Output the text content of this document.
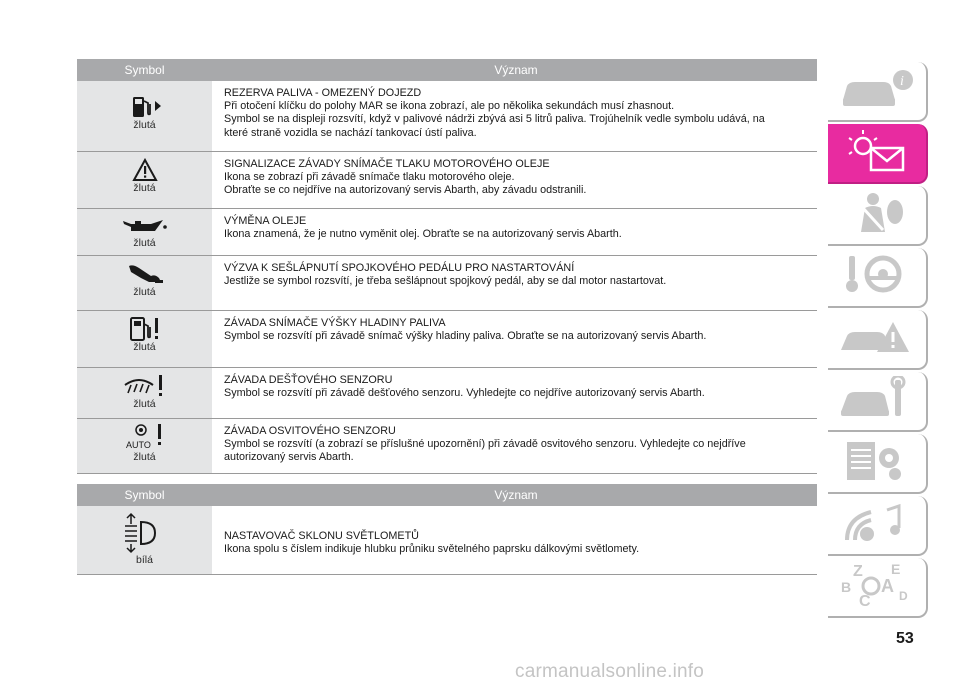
Symbol	Význam
žlutá
REZERVA PALIVA - OMEZENÝ DOJEZD
Při otočení klíčku do polohy MAR se ikona zobrazí, ale po několika sekundách musí zhasnout.
Symbol se na displeji rozsvítí, když v palivové nádrži zbývá asi 5 litrů paliva. Trojúhelník vedle symbolu udává, na
které straně vozidla se nachází tankovací ústí paliva.
žlutá
SIGNALIZACE ZÁVADY SNÍMAČE TLAKU MOTOROVÉHO OLEJE
Ikona se zobrazí při závadě snímače tlaku motorového oleje.
Obraťte se co nejdříve na autorizovaný servis Abarth, aby závadu odstranili.
žlutá
VÝMĚNA OLEJE
Ikona znamená, že je nutno vyměnit olej. Obraťte se na autorizovaný servis Abarth.
žlutá
VÝZVA K SEŠLÁPNUTÍ SPOJKOVÉHO PEDÁLU PRO NASTARTOVÁNÍ
Jestliže se symbol rozsvítí, je třeba sešlápnout spojkový pedál, aby se dal motor nastartovat.
žlutá
ZÁVADA SNÍMAČE VÝŠKY HLADINY PALIVA
Symbol se rozsvítí při závadě snímač výšky hladiny paliva. Obraťte se na autorizovaný servis Abarth.
žlutá
ZÁVADA DEŠŤOVÉHO SENZORU
Symbol se rozsvítí při závadě dešťového senzoru. Vyhledejte co nejdříve autorizovaný servis Abarth.
AUTO
žlutá
ZÁVADA OSVITOVÉHO SENZORU
Symbol se rozsvítí (a zobrazí se příslušné upozornění) při závadě osvitového senzoru. Vyhledejte co nejdříve
autorizovaný servis Abarth.
Symbol	Význam
bílá
NASTAVOVAČ SKLONU SVĚTLOMETŮ
Ikona spolu s číslem indikuje hlubku průniku světelného paprsku dálkovými světlomety.
i
Z E
B A
C D
53
carmanualsonline.info
